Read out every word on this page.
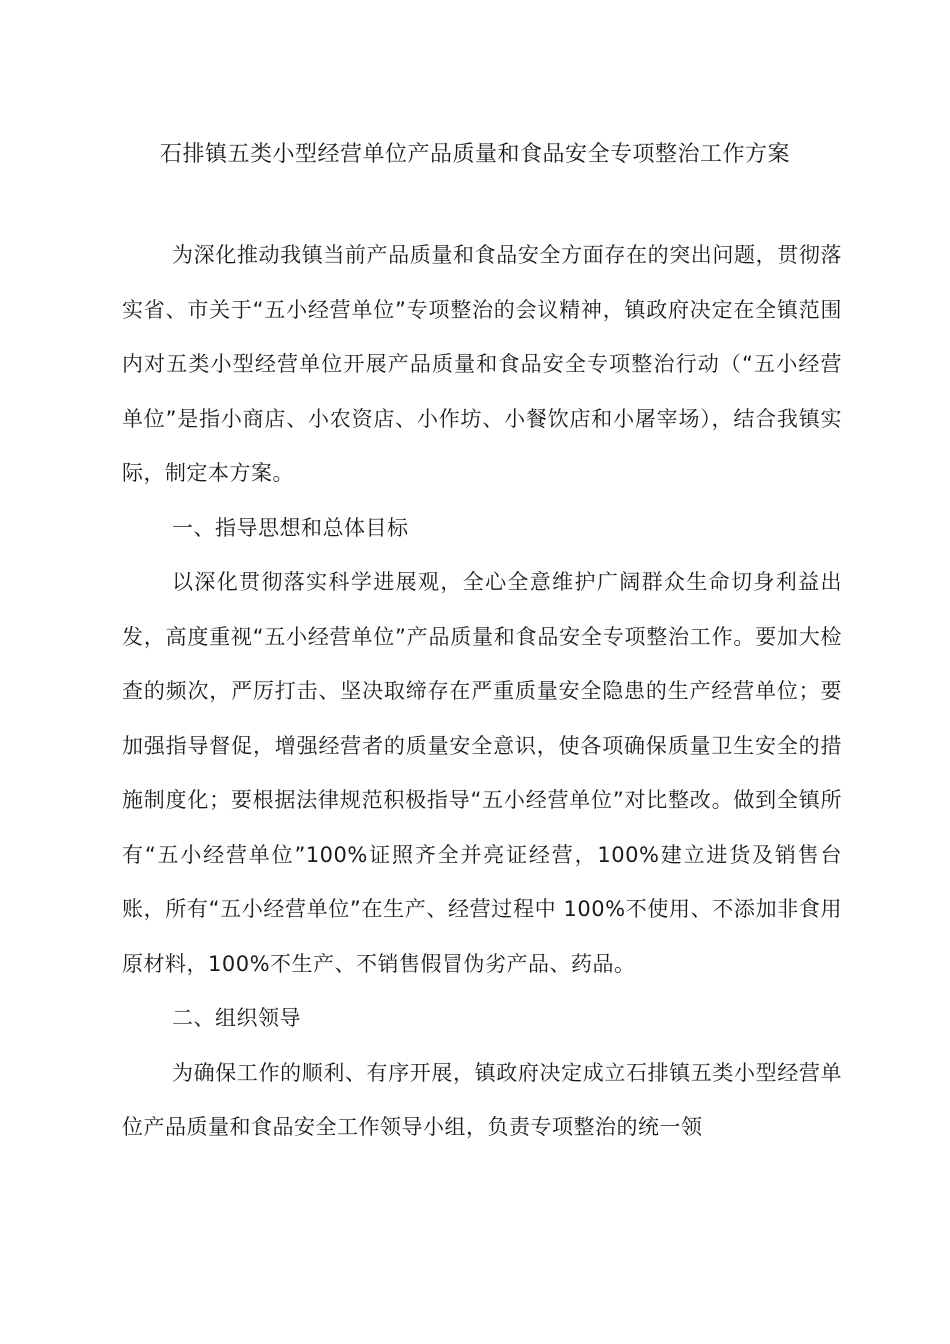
石排镇五类小型经营单位产品质量和食品安全专项整治工作方案

为深化推动我镇当前产品质量和食品安全方面存在的突出问题，贯彻落实省、市关于“五小经营单位”专项整治的会议精神，镇政府决定在全镇范围内对五类小型经营单位开展产品质量和食品安全专项整治行动（“五小经营单位”是指小商店、小农资店、小作坊、小餐饮店和小屠宰场），结合我镇实际，制定本方案。

一、指导思想和总体目标

以深化贯彻落实科学进展观，全心全意维护广阔群众生命切身利益出发，高度重视“五小经营单位”产品质量和食品安全专项整治工作。要加大检查的频次，严厉打击、坚决取缔存在严重质量安全隐患的生产经营单位；要加强指导督促，增强经营者的质量安全意识，使各项确保质量卫生安全的措施制度化；要根据法律规范积极指导“五小经营单位”对比整改。做到全镇所有“五小经营单位”100%证照齐全并亮证经营，100%建立进货及销售台账，所有“五小经营单位”在生产、经营过程中 100%不使用、不添加非食用原材料，100%不生产、不销售假冒伪劣产品、药品。

二、组织领导

为确保工作的顺利、有序开展，镇政府决定成立石排镇五类小型经营单位产品质量和食品安全工作领导小组，负责专项整治的统一领
